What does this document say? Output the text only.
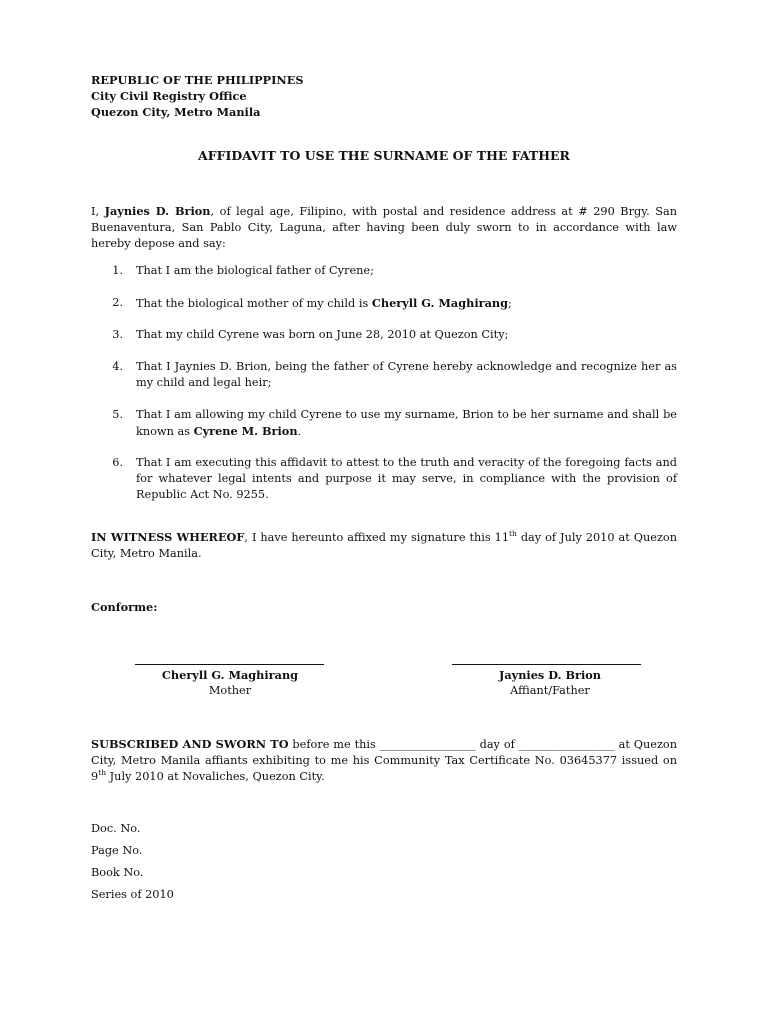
REPUBLIC OF THE PHILIPPINES
City Civil Registry Office
Quezon City, Metro Manila
AFFIDAVIT TO USE THE SURNAME OF THE FATHER
I, Jaynies D. Brion, of legal age, Filipino, with postal and residence address at # 290 Brgy. San Buenaventura, San Pablo City, Laguna, after having been duly sworn to in accordance with law hereby depose and say:
1. That I am the biological father of Cyrene;
2. That the biological mother of my child is Cheryll G. Maghirang;
3. That my child Cyrene was born on June 28, 2010 at Quezon City;
4. That I Jaynies D. Brion, being the father of Cyrene hereby acknowledge and recognize her as my child and legal heir;
5. That I am allowing my child Cyrene to use my surname, Brion to be her surname and shall be known as Cyrene M. Brion.
6. That I am executing this affidavit to attest to the truth and veracity of the foregoing facts and for whatever legal intents and purpose it may serve, in compliance with the provision of Republic Act No. 9255.
IN WITNESS WHEREOF, I have hereunto affixed my signature this 11th day of July 2010 at Quezon City, Metro Manila.
Conforme:
Cheryll G. Maghirang
Mother
Jaynies D. Brion
Affiant/Father
SUBSCRIBED AND SWORN TO before me this _________________ day of _________________ at Quezon City, Metro Manila affiants exhibiting to me his Community Tax Certificate No. 03645377 issued on 9th July 2010 at Novaliches, Quezon City.
Doc. No.
Page No.
Book No.
Series of 2010
